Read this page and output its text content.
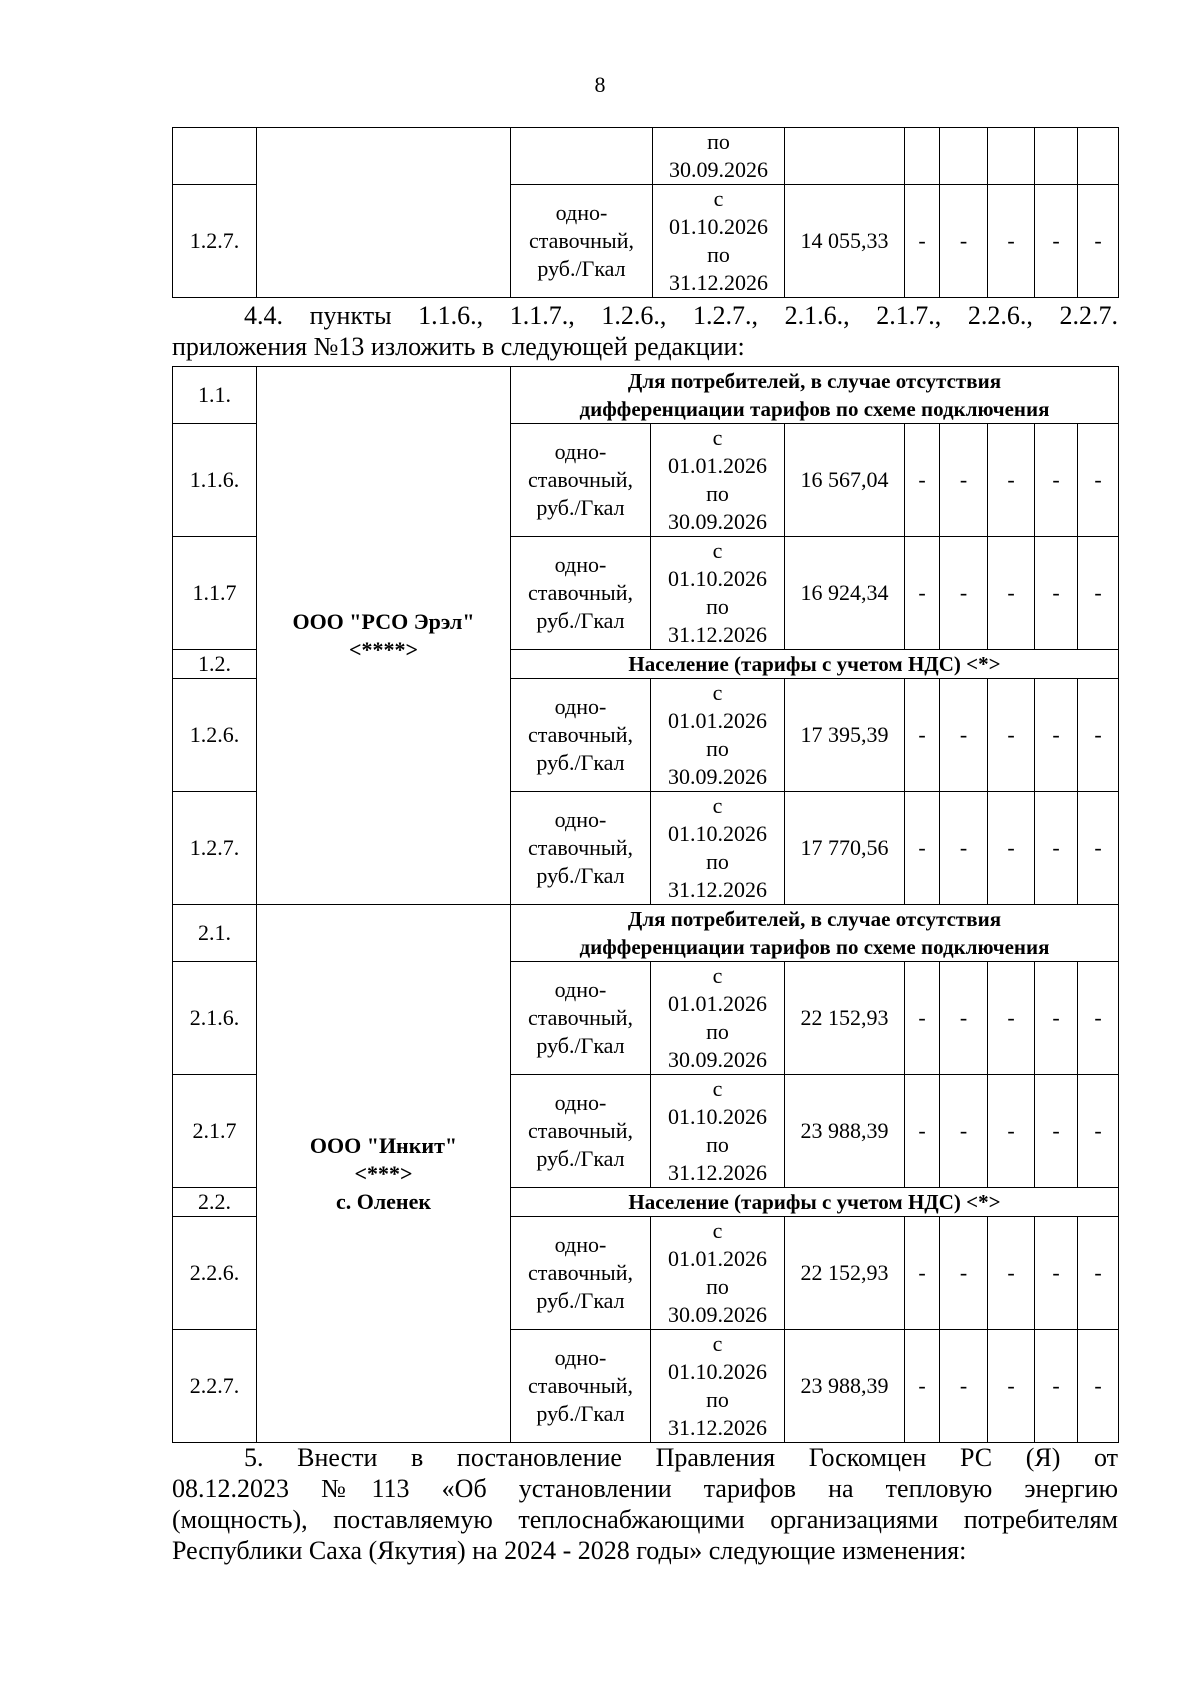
8

			по
30.09.2026						

1.2.7.		одно-
ставочный,
руб./Гкал	с
01.10.2026
по
31.12.2026	14 055,33	-	-	-	-	-
4.4. пункты 1.1.6., 1.1.7., 1.2.6., 1.2.7., 2.1.6., 2.1.7., 2.2.6., 2.2.7.
приложения №13 изложить в следующей редакции:
1.1.	ООО "РСО Эрэл"
<****>	Для потребителей, в случае отсутствия
дифференциации тарифов по схеме подключения							

1.1.6.		одно-
ставочный,
руб./Гкал	с
01.01.2026
по
30.09.2026	16 567,04	-	-	-	-	-
1.1.7		одно-
ставочный,
руб./Гкал	с
01.10.2026
по
31.12.2026	16 924,34	-	-	-	-	-
1.2.		Население (тарифы с учетом НДС) <*>							
1.2.6.		одно-
ставочный,
руб./Гкал	с
01.01.2026
по
30.09.2026	17 395,39	-	-	-	-	-
1.2.7.		одно-
ставочный,
руб./Гкал	с
01.10.2026
по
31.12.2026	17 770,56	-	-	-	-	-
2.1.	ООО "Инкит"
<***>
с. Оленек	Для потребителей, в случае отсутствия
дифференциации тарифов по схеме подключения							

2.1.6.		одно-
ставочный,
руб./Гкал	с
01.01.2026
по
30.09.2026	22 152,93	-	-	-	-	-
2.1.7		одно-
ставочный,
руб./Гкал	с
01.10.2026
по
31.12.2026	23 988,39	-	-	-	-	-
2.2.		Население (тарифы с учетом НДС) <*>							
2.2.6.		одно-
ставочный,
руб./Гкал	с
01.01.2026
по
30.09.2026	22 152,93	-	-	-	-	-
2.2.7.		одно-
ставочный,
руб./Гкал	с
01.10.2026
по
31.12.2026	23 988,39	-	-	-	-	-
5. Внести в постановление Правления Госкомцен РС (Я) от
08.12.2023 №113 «Об установлении тарифов на тепловую энергию
(мощность), поставляемую теплоснабжающими организациями потребителям
Республики Саха (Якутия) на 2024 - 2028 годы» следующие изменения:
